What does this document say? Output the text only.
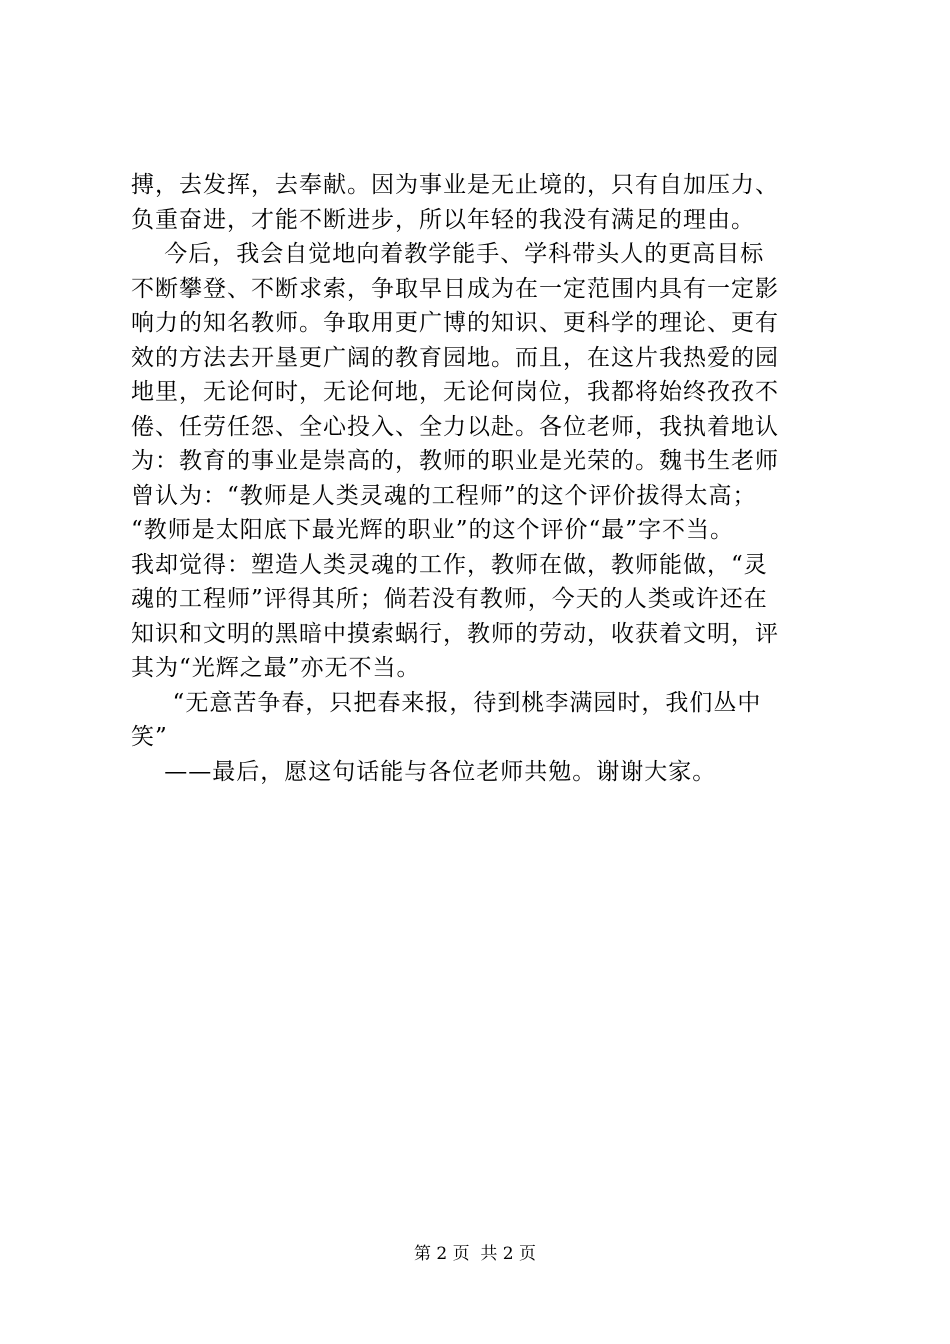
搏，去发挥，去奉献。因为事业是无止境的，只有自加压力、
负重奋进，才能不断进步，所以年轻的我没有满足的理由。
今后，我会自觉地向着教学能手、学科带头人的更高目标
不断攀登、不断求索，争取早日成为在一定范围内具有一定影
响力的知名教师。争取用更广博的知识、更科学的理论、更有
效的方法去开垦更广阔的教育园地。而且，在这片我热爱的园
地里，无论何时，无论何地，无论何岗位，我都将始终孜孜不
倦、任劳任怨、全心投入、全力以赴。各位老师，我执着地认
为：教育的事业是崇高的，教师的职业是光荣的。魏书生老师
曾认为：“教师是人类灵魂的工程师”的这个评价拔得太高；
“教师是太阳底下最光辉的职业”的这个评价“最”字不当。
我却觉得：塑造人类灵魂的工作，教师在做，教师能做，“灵
魂的工程师”评得其所；倘若没有教师，今天的人类或许还在
知识和文明的黑暗中摸索蜗行，教师的劳动，收获着文明，评
其为“光辉之最”亦无不当。
“无意苦争春，只把春来报，待到桃李满园时，我们丛中
笑”
——最后，愿这句话能与各位老师共勉。谢谢大家。
第 2 页  共 2 页
